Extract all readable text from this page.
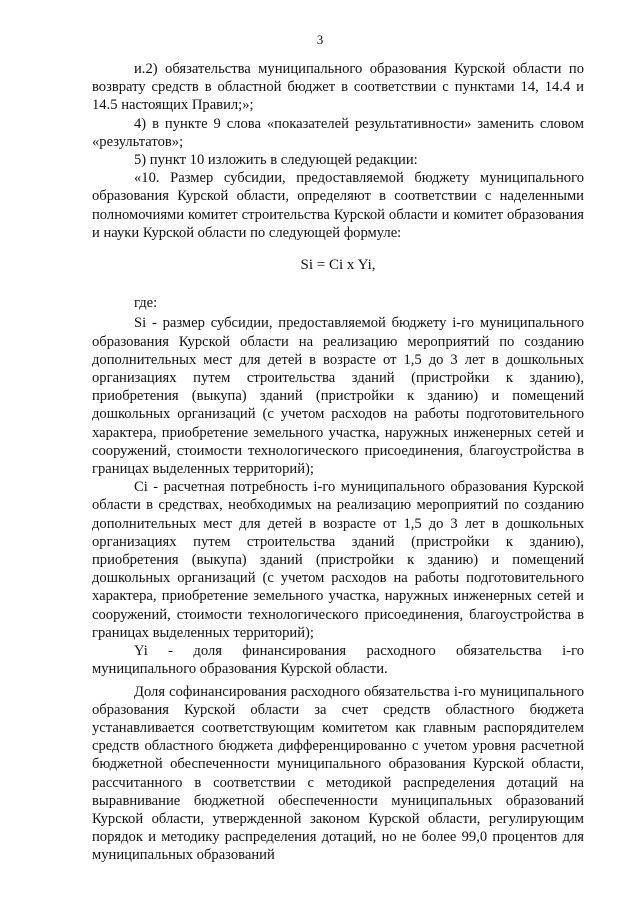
3

и.2) обязательства муниципального образования Курской области по возврату средств в областной бюджет в соответствии с пунктами 14, 14.4 и 14.5 настоящих Правил;»;

4) в пункте 9 слова «показателей результативности» заменить словом «результатов»;

5) пункт 10 изложить в следующей редакции:

«10. Размер субсидии, предоставляемой бюджету муниципального образования Курской области, определяют в соответствии с наделенными полномочиями комитет строительства Курской области и комитет образования и науки Курской области по следующей формуле:

Si = Ci x Yi,

где:

Si - размер субсидии, предоставляемой бюджету i-го муниципального образования Курской области на реализацию мероприятий по созданию дополнительных мест для детей в возрасте от 1,5 до 3 лет в дошкольных организациях путем строительства зданий (пристройки к зданию), приобретения (выкупа) зданий (пристройки к зданию) и помещений дошкольных организаций (с учетом расходов на работы подготовительного характера, приобретение земельного участка, наружных инженерных сетей и сооружений, стоимости технологического присоединения, благоустройства в границах выделенных территорий);

Ci - расчетная потребность i-го муниципального образования Курской области в средствах, необходимых на реализацию мероприятий по созданию дополнительных мест для детей в возрасте от 1,5 до 3 лет в дошкольных организациях путем строительства зданий (пристройки к зданию), приобретения (выкупа) зданий (пристройки к зданию) и помещений дошкольных организаций (с учетом расходов на работы подготовительного характера, приобретение земельного участка, наружных инженерных сетей и сооружений, стоимости технологического присоединения, благоустройства в границах выделенных территорий);

Yi - доля финансирования расходного обязательства i-го муниципального образования Курской области.

Доля софинансирования расходного обязательства i-го муниципального образования Курской области за счет средств областного бюджета устанавливается соответствующим комитетом как главным распорядителем средств областного бюджета дифференцированно с учетом уровня расчетной бюджетной обеспеченности муниципального образования Курской области, рассчитанного в соответствии с методикой распределения дотаций на выравнивание бюджетной обеспеченности муниципальных образований Курской области, утвержденной законом Курской области, регулирующим порядок и методику распределения дотаций, но не более 99,0 процентов для муниципальных образований
